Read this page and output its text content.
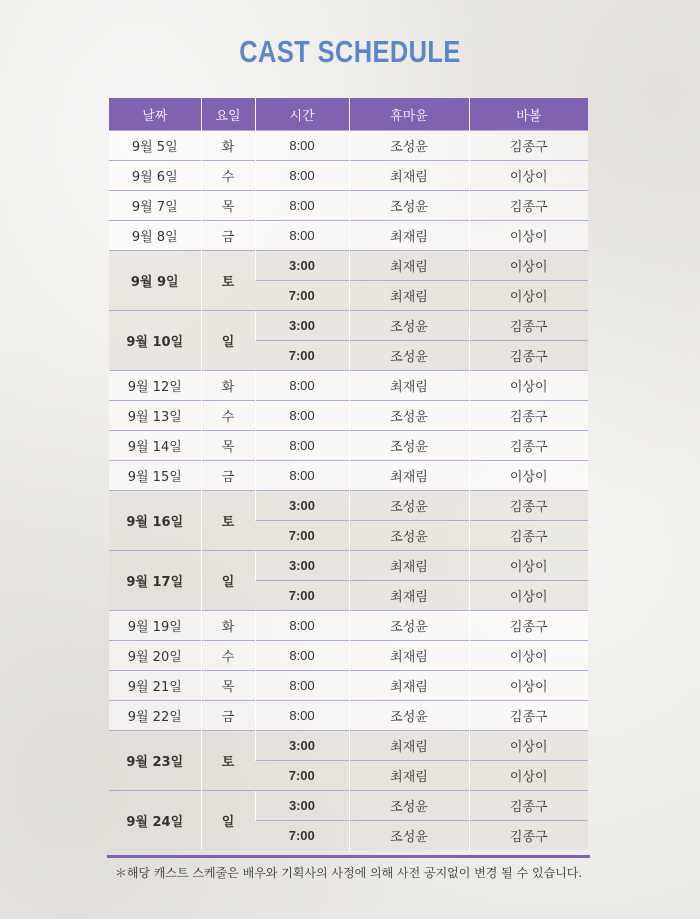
CAST SCHEDULE
날짜	요일	시간	휴마윤	바볼
9월 5일	화	8:00	조성윤	김종구
9월 6일	수	8:00	최재림	이상이
9월 7일	목	8:00	조성윤	김종구
9월 8일	금	8:00	최재림	이상이
9월 9일	토	3:00	최재림	이상이
		7:00	최재림	이상이
9월 10일	일	3:00	조성윤	김종구
		7:00	조성윤	김종구
9월 12일	화	8:00	최재림	이상이
9월 13일	수	8:00	조성윤	김종구
9월 14일	목	8:00	조성윤	김종구
9월 15일	금	8:00	최재림	이상이
9월 16일	토	3:00	조성윤	김종구
		7:00	조성윤	김종구
9월 17일	일	3:00	최재림	이상이
		7:00	최재림	이상이
9월 19일	화	8:00	조성윤	김종구
9월 20일	수	8:00	최재림	이상이
9월 21일	목	8:00	최재림	이상이
9월 22일	금	8:00	조성윤	김종구
9월 23일	토	3:00	최재림	이상이
		7:00	최재림	이상이
9월 24일	일	3:00	조성윤	김종구
		7:00	조성윤	김종구
＊해당 캐스트 스케줄은 배우와 기획사의 사정에 의해 사전 공지없이 변경 될 수 있습니다.
